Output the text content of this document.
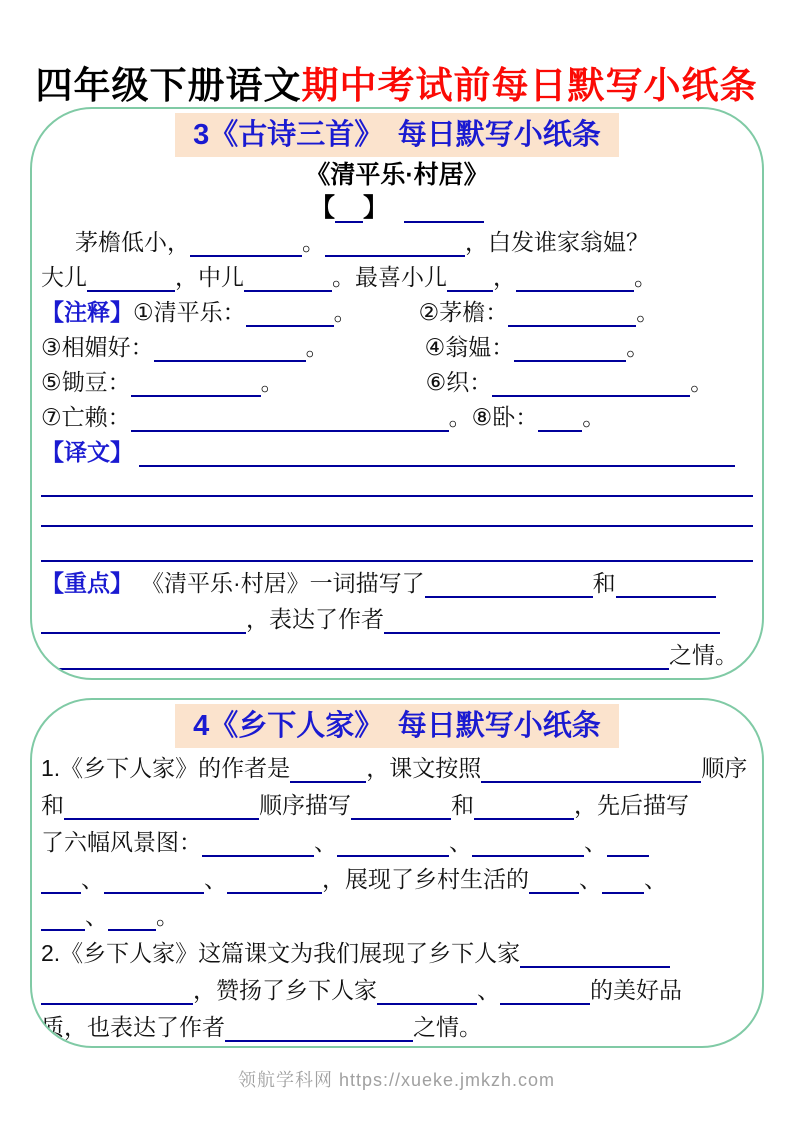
四年级下册语文期中考试前每日默写小纸条
3《古诗三首》　每日默写小纸条
《清平乐·村居》
【 】
茅檐低小，	。	，白发谁家翁媪？
大儿	，中儿	。最喜小儿 ，	。
【注释】①清平乐：	。	②茅檐：	。
③相媚好：	。	④翁媪：	。
⑤锄豆：	。	⑥织：	。
⑦亡赖：	。⑧卧： 。
【译文】
【重点】 《清平乐·村居》一词描写了	和
，表达了作者
之情。
4《乡下人家》　每日默写小纸条
1.《乡下人家》的作者是	，课文按照	顺序
和	顺序描写	和	，先后描写
了六幅风景图：	、	、	、
、	、	，展现了乡村生活的 、 、
、 。
2.《乡下人家》这篇课文为我们展现了乡下人家
，赞扬了乡下人家	、	的美好品
质，也表达了作者	之情。
领航学科网 https://xueke.jmkzh.com
